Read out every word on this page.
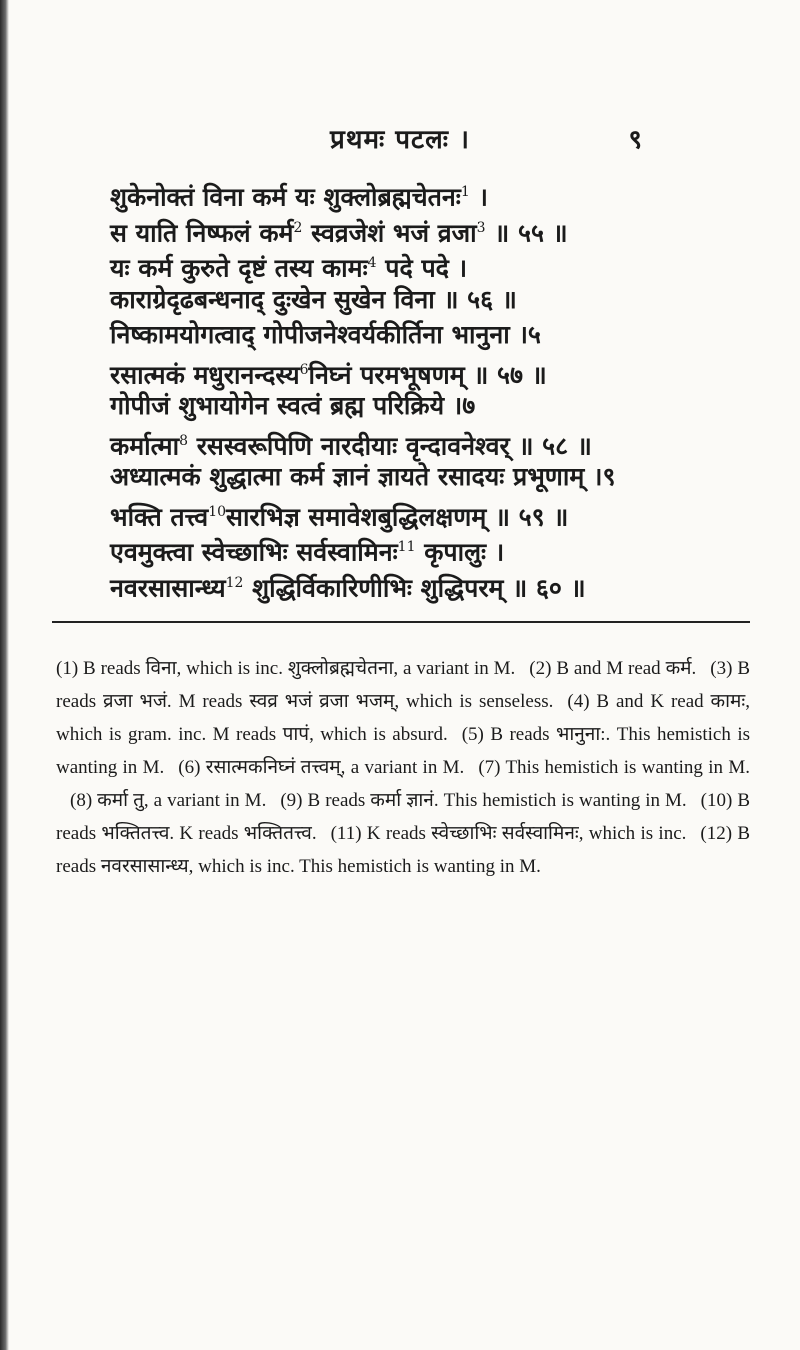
प्रथमः पटलः ।	९
शुकेनोक्तं विना कर्म यः शुक्लोब्रह्मचेतनः$^1$ ।
स याति निष्फलं कर्म$^2$ स्वव्रजेशं भजं व्रजा$^3$ ॥ ५५ ॥
यः कर्म कुरुते दृष्टं तस्य कामः$^4$ पदे पदे ।
काराग्रेदृढबन्धनाद् दुःखेन सुखेन विना ॥ ५६ ॥
निष्कामयोगत्वाद् गोपीजनेश्वर्यकीर्तिना भानुना ।५
रसात्मकं मधुरानन्दस्य$^6$निघ्नं परमभूषणम् ॥ ५७ ॥
गोपीजं शुभायोगेन स्वत्वं ब्रह्म परिक्रिये ।७
कर्मात्मा$^8$ रसस्वरूपिणि नारदीयाः वृन्दावनेश्वर् ॥ ५८ ॥
अध्यात्मकं शुद्धात्मा कर्म ज्ञानं ज्ञायते रसादयः प्रभूणाम् ।९
भक्ति तत्त्व$^{10}$सारभिज्ञ समावेशबुद्धिलक्षणम् ॥ ५९ ॥
एवमुक्त्वा स्वेच्छाभिः सर्वस्वामिनः$^{11}$ कृपालुः ।
नवरसासान्ध्य$^{12}$ शुद्धिर्विकारिणीभिः शुद्धिपरम् ॥ ६० ॥
(1) B reads विना, which is inc. शुक्लोब्रह्मचेतना, a variant in M. (2) B and M read कर्म. (3) B reads व्रजा भजं. M reads स्वव्र भजं व्रजा भजम्, which is senseless. (4) B and K read कामः, which is gram. inc. M reads पापं, which is absurd. (5) B reads भानुना:. This hemistich is wanting in M. (6) रसात्मकनिघ्नं तत्त्वम्, a variant in M. (7) This hemistich is wanting in M.(8) कर्मा तु, a variant in M. (9) B reads कर्मा ज्ञानं. This hemistich is wanting in M. (10) B reads भक्तितत्त्व. K reads भक्तितत्त्व. (11) K reads स्वेच्छाभिः सर्वस्वामिनः, which is inc. (12) B reads नवरसासान्ध्य, which is inc. This hemistich is wanting in M.
